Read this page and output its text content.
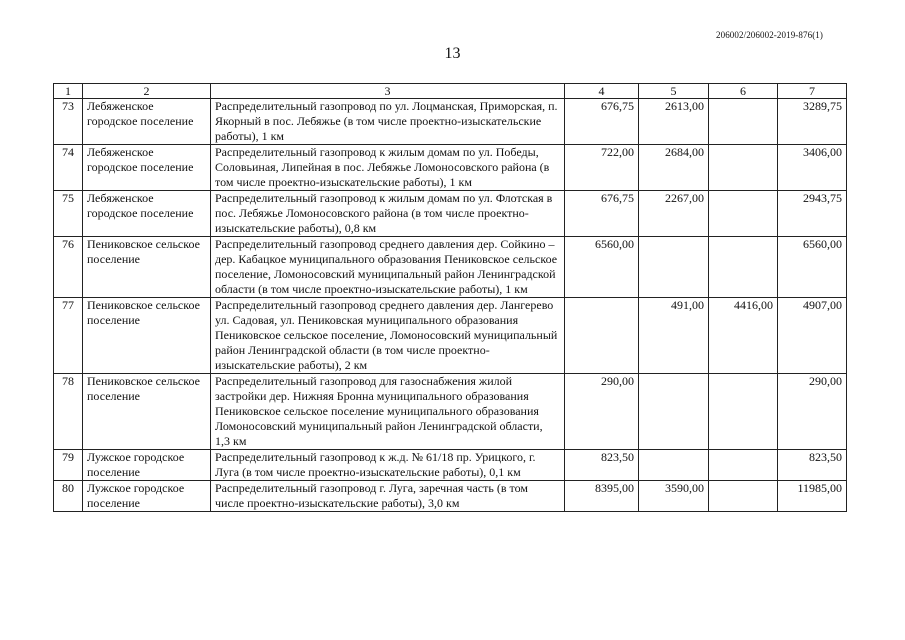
206002/206002-2019-876(1)
13
1	2	3	4	5	6	7
73	Лебяженское городское поселение	Распределительный газопровод по ул. Лоцманская, Приморская, п. Якорный в пос. Лебяжье (в том числе проектно-изыскательские работы), 1 км	676,75	2613,00		3289,75
74	Лебяженское городское поселение	Распределительный газопровод к жилым домам по ул. Победы, Соловьиная, Липейная в пос. Лебяжье Ломоносовского района (в том числе проектно-изыскательские работы), 1 км	722,00	2684,00		3406,00
75	Лебяженское городское поселение	Распределительный газопровод к жилым домам по ул. Флотская в пос. Лебяжье Ломоносовского района (в том числе проектно-изыскательские работы), 0,8 км	676,75	2267,00		2943,75
76	Пениковское сельское поселение	Распределительный газопровод среднего давления дер. Сойкино – дер. Кабацкое муниципального образования Пениковское сельское поселение, Ломоносовский муниципальный район Ленинградской области (в том числе проектно-изыскательские работы), 1 км	6560,00			6560,00
77	Пениковское сельское поселение	Распределительный газопровод среднего давления дер. Лангерево ул. Садовая, ул. Пениковская муниципального образования Пениковское сельское поселение, Ломоносовский муниципальный район Ленинградской области (в том числе проектно-изыскательские работы), 2 км		491,00	4416,00	4907,00
78	Пениковское сельское поселение	Распределительный газопровод для газоснабжения жилой застройки дер. Нижняя Бронна муниципального образования Пениковское сельское поселение муниципального образования Ломоносовский муниципальный район Ленинградской области, 1,3 км	290,00			290,00
79	Лужское городское поселение	Распределительный газопровод к ж.д. № 61/18 пр. Урицкого, г. Луга (в том числе проектно-изыскательские работы), 0,1 км	823,50			823,50
80	Лужское городское поселение	Распределительный газопровод г. Луга, заречная часть (в том числе проектно-изыскательские работы), 3,0 км	8395,00	3590,00		11985,00
